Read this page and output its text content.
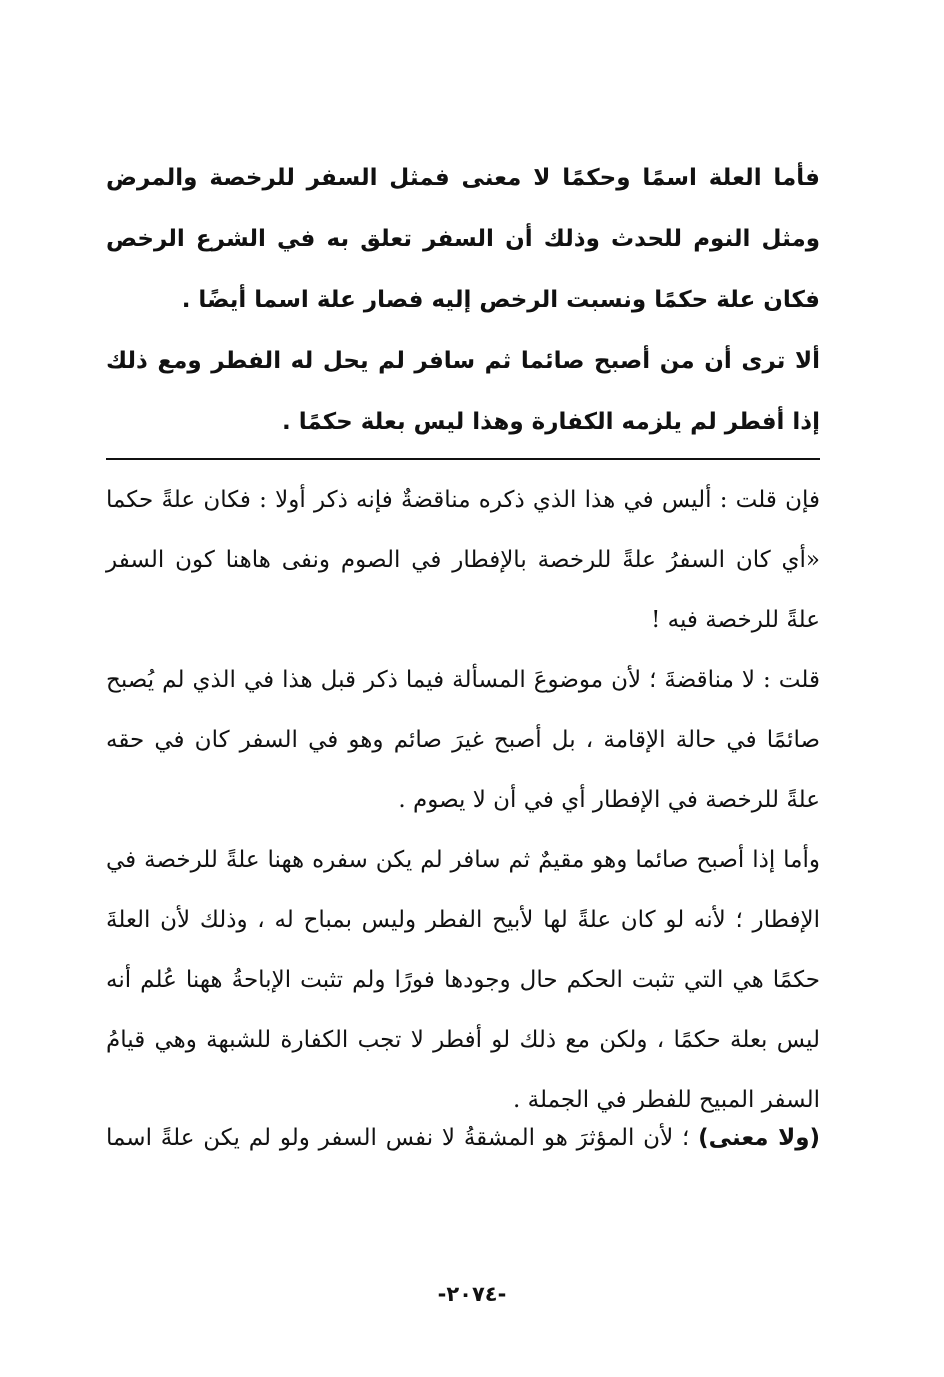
فأما العلة اسمًا وحكمًا لا معنى فمثل السفر للرخصة والمرض ومثل النوم للحدث وذلك أن السفر تعلق به في الشرع الرخص فكان علة حكمًا ونسبت الرخص إليه فصار علة اسما أيضًا .

ألا ترى أن من أصبح صائما ثم سافر لم يحل له الفطر ومع ذلك إذا أفطر لم يلزمه الكفارة وهذا ليس بعلة حكمًا .

فإن قلت : أليس في هذا الذي ذكره مناقضةٌ فإنه ذكر أولا : فكان علةً حكما «أي كان السفرُ علةً للرخصة بالإفطار في الصوم ونفى هاهنا كون السفر علةً للرخصة فيه !

قلت : لا مناقضةَ ؛ لأن موضوعَ المسألة فيما ذكر قبل هذا في الذي لم يُصبح صائمًا في حالة الإقامة ، بل أصبح غيرَ صائم وهو في السفر كان في حقه علةً للرخصة في الإفطار أي في أن لا يصوم .

وأما إذا أصبح صائما وهو مقيمٌ ثم سافر لم يكن سفره ههنا علةً للرخصة في الإفطار ؛ لأنه لو كان علةً لها لأبيح الفطر وليس بمباح له ، وذلك لأن العلةَ حكمًا هي التي تثبت الحكم حال وجودها فورًا ولم تثبت الإباحةُ ههنا عُلم أنه ليس بعلة حكمًا ، ولكن مع ذلك لو أفطر لا تجب الكفارة للشبهة وهي قيامُ السفر المبيح للفطر في الجملة .

(ولا معنى) ؛ لأن المؤثرَ هو المشقةُ لا نفس السفر ولو لم يكن علةً اسما
-٢٠٧٤-
